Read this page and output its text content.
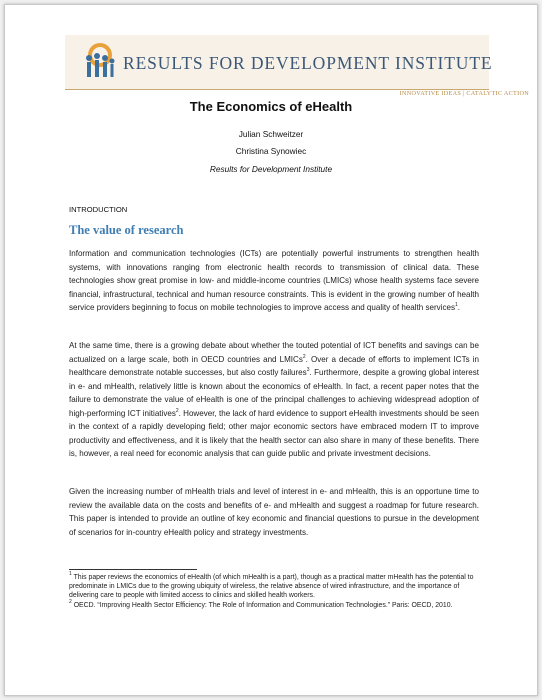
RESULTS FOR DEVELOPMENT INSTITUTE
INNOVATIVE IDEAS | CATALYTIC ACTION
The Economics of eHealth
Julian Schweitzer
Christina Synowiec
Results for Development Institute
INTRODUCTION
The value of research

Information and communication technologies (ICTs) are potentially powerful instruments to strengthen health systems, with innovations ranging from electronic health records to transmission of clinical data. These technologies show great promise in low- and middle-income countries (LMICs) whose health systems face severe financial, infrastructural, technical and human resource constraints. This is evident in the growing number of health service providers beginning to focus on mobile technologies to improve access and quality of health services$^1$.

At the same time, there is a growing debate about whether the touted potential of ICT benefits and savings can be actualized on a large scale, both in OECD countries and LMICs$^2$. Over a decade of efforts to implement ICTs in healthcare demonstrate notable successes, but also costly failures$^3$. Furthermore, despite a growing global interest in e- and mHealth, relatively little is known about the economics of eHealth. In fact, a recent paper notes that the failure to demonstrate the value of eHealth is one of the principal challenges to achieving widespread adoption of high-performing ICT initiatives$^2$. However, the lack of hard evidence to support eHealth investments should be seen in the context of a rapidly developing field; other major economic sectors have embraced modern IT to improve productivity and effectiveness, and it is likely that the health sector can also share in many of these benefits. There is, however, a real need for economic analysis that can guide public and private investment decisions.

Given the increasing number of mHealth trials and level of interest in e- and mHealth, this is an opportune time to review the available data on the costs and benefits of e- and mHealth and suggest a roadmap for future research. This paper is intended to provide an outline of key economic and financial questions to pursue in the development of scenarios for in-country eHealth policy and strategy investments.

$^1$ This paper reviews the economics of eHealth (of which mHealth is a part), though as a practical matter mHealth has the potential to predominate in LMICs due to the growing ubiquity of wireless, the relative absence of wired infrastructure, and the importance of delivering care to people with limited access to clinics and skilled health workers.

$^2$ OECD. “Improving Health Sector Efficiency: The Role of Information and Communication Technologies.” Paris: OECD, 2010.
